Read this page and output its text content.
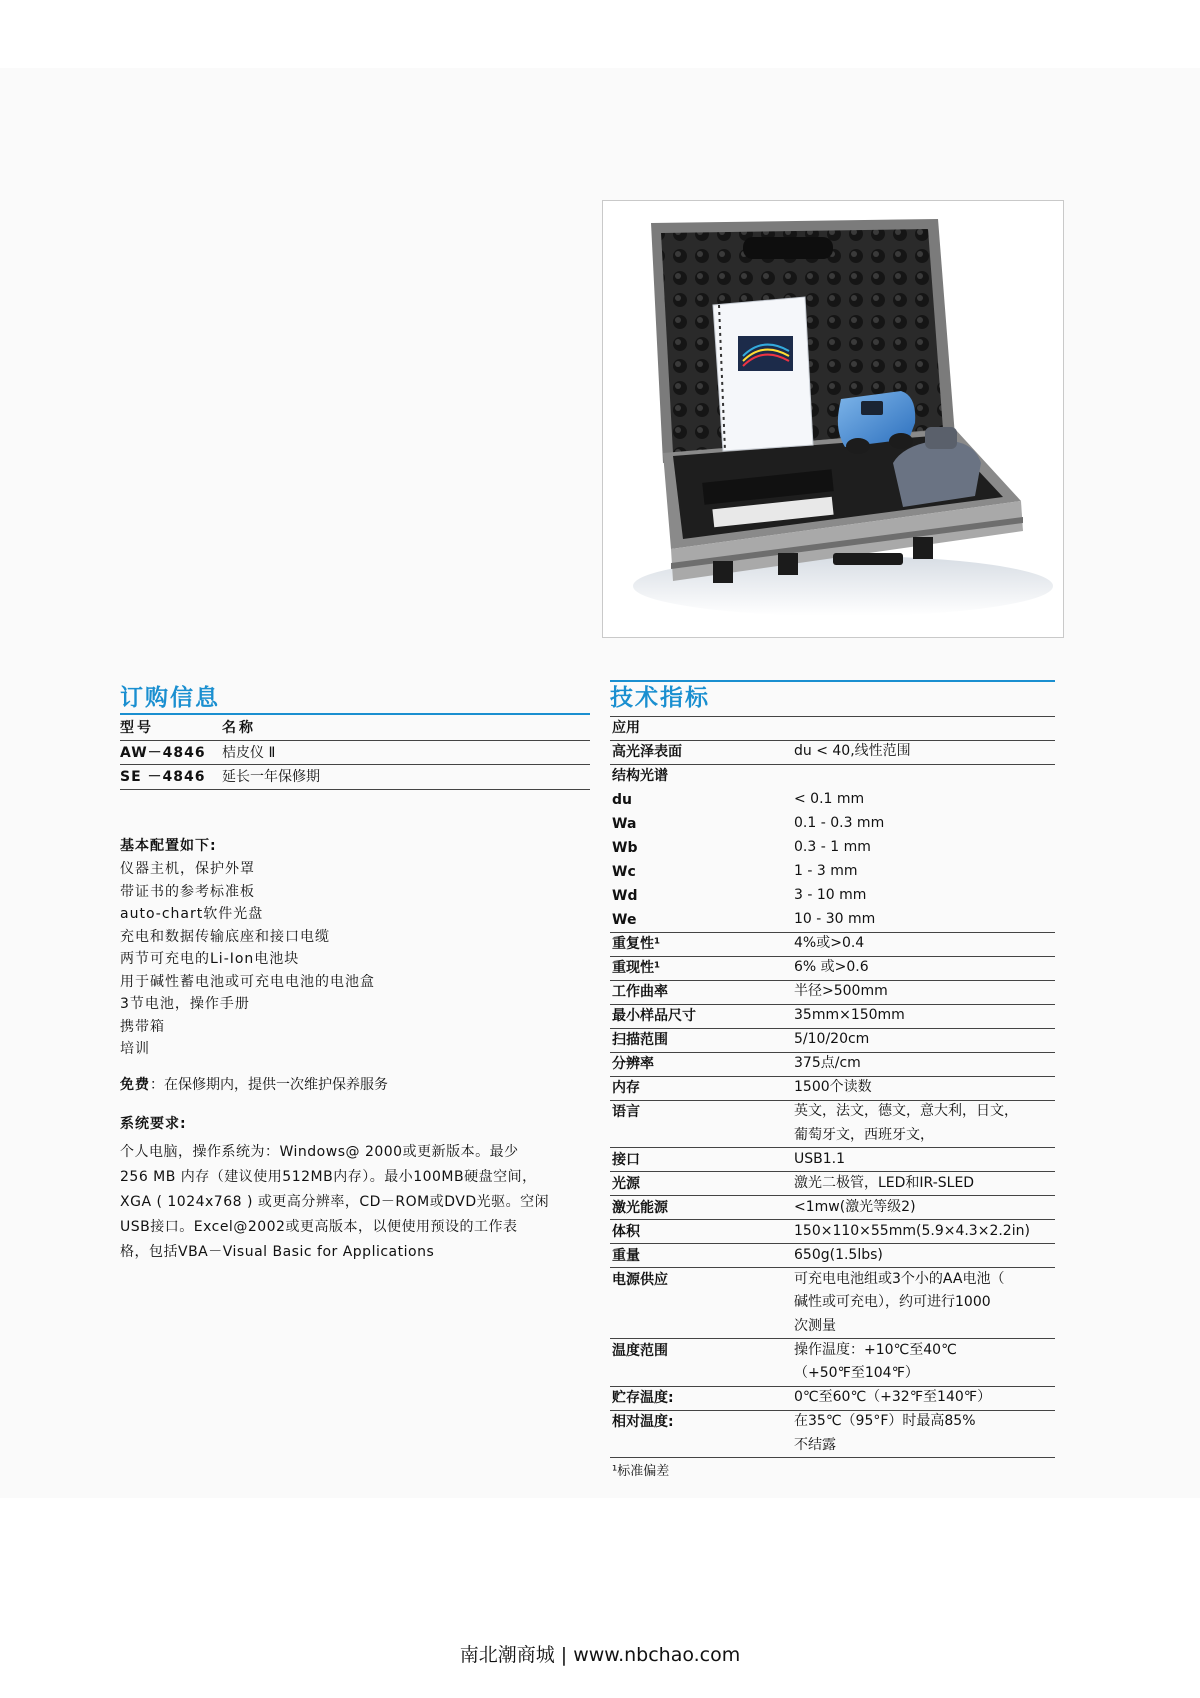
订购信息
型号	名称
AW－4846	桔皮仪 Ⅱ
SE －4846	延长一年保修期
基本配置如下:
仪器主机，保护外罩
带证书的参考标准板
auto-chart软件光盘
充电和数据传输底座和接口电缆
两节可充电的Li-Ion电池块
用于碱性蓄电池或可充电电池的电池盒
3节电池，操作手册
携带箱
培训
免费：在保修期内，提供一次维护保养服务
系统要求:
个人电脑，操作系统为：Windows@ 2000或更新版本。最少
256 MB 内存（建议使用512MB内存）。最小100MB硬盘空间，
XGA ( 1024x768 ) 或更高分辨率，CD－ROM或DVD光驱。空闲
USB接口。Excel@2002或更高版本，以便使用预设的工作表
格，包括VBA－Visual Basic for Applications
技术指标
应用
高光泽表面	du < 40,线性范围
结构光谱
du	< 0.1 mm
Wa	0.1 - 0.3 mm
Wb	0.3 - 1 mm
Wc	1 - 3 mm
Wd	3 - 10 mm
We	10 - 30 mm
重复性¹	4%或>0.4
重现性¹	6% 或>0.6
工作曲率	半径>500mm
最小样品尺寸	35mm×150mm
扫描范围	5/10/20cm
分辨率	375点/cm
内存	1500个读数
语言	英文，法文，德文，意大利，日文，
葡萄牙文，西班牙文，
接口	USB1.1
光源	激光二极管，LED和IR-SLED
激光能源	<1mw(激光等级2)
体积	150×110×55mm(5.9×4.3×2.2in)
重量	650g(1.5lbs)
电源供应	可充电电池组或3个小的AA电池（
碱性或可充电），约可进行1000
次测量
温度范围	操作温度：+10℃至40℃
（+50℉至104℉）
贮存温度:	0℃至60℃（+32℉至140℉）
相对温度:	在35℃（95°F）时最高85%
不结露
¹标准偏差
南北潮商城 | www.nbchao.com
